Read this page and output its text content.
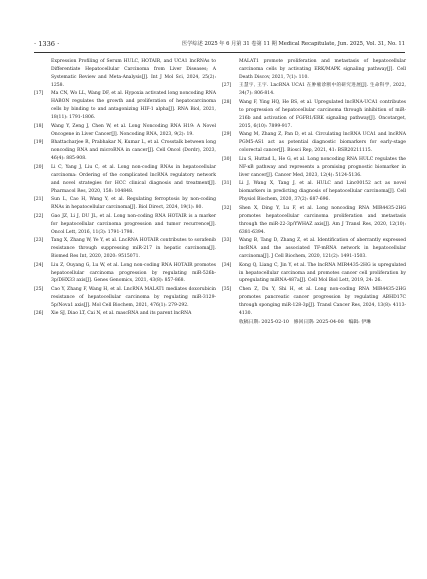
· 1336 ·	医学综述 2025 年 6 月第 31 卷第 11 期 Medical Recapitulate, Jun. 2025, Vol. 31, No. 11
Expression Profiling of Serum HULC, HOTAIR, and UCA1 lncRNAs to Differentiate Hepatocellular Carcinoma from Liver Diseases; A Systematic Review and Meta-Analysis[J]. Int J Mol Sci, 2024, 25(2): 1258.
[17]	Ma CN, Wo LL, Wang DF, et al. Hypoxia activated long noncoding RNA HABON regulates the growth and proliferation of hepatocarcinoma cells by binding to and antagonizing HIF-1 alpha[J]. RNA Biol, 2021, 18(11): 1791-1806.
[18]	Wang Y, Zeng J, Chen W, et al. Long Noncoding RNA H19: A Novel Oncogene in Liver Cancer[J]. Noncoding RNA, 2023, 9(2): 19.
[19]	Bhattacharjee R, Prabhakar N, Kumar L, et al. Crosstalk between long noncoding RNA and microRNA in cancer[J]. Cell Oncol (Dordr), 2023, 46(4): 885-908.
[20]	Li C, Yang J, Liu C, et al. Long non-coding RNAs in hepatocellular carcinoma: Ordering of the complicated lncRNA regulatory network and novel strategies for HCC clinical diagnosis and treatment[J]. Pharmacol Res, 2020, 158: 104848.
[21]	Sun L, Cao H, Wang Y, et al. Regulating ferroptosis by non-coding RNAs in hepatocellular carcinoma[J]. Biol Direct, 2024, 19(1): 80.
[22]	Gao JZ, Li J, DU JL, et al. Long non-coding RNA HOTAIR is a marker for hepatocellular carcinoma progression and tumor recurrence[J]. Oncol Lett, 2016, 11(3): 1791-1798.
[23]	Tang X, Zhang W, Ye Y, et al. LncRNA HOTAIR contributes to sorafenib resistance through suppressing miR-217 in hepatic carcinoma[J]. Biomed Res Int, 2020, 2020: 9515071.
[24]	Liu Z, Ouyang G, Lu W, et al. Long non-coding RNA HOTAIR promotes hepatocellular carcinoma progression by regulating miR-526b-3p/DHX33 axis[J]. Genes Genomics, 2021, 43(8): 857-868.
[25]	Cao Y, Zhang F, Wang H, et al. LncRNA MALAT1 mediates doxorubicin resistance of hepatocellular carcinoma by regulating miR-3129-5p/Nova1 axis[J]. Mol Cell Biochem, 2021, 476(1): 279-292.
[26]	Xie SJ, Diao LT, Cai N, et al. mascRNA and its parent lncRNA
MALAT1 promote proliferation and metastasis of hepatocellular carcinoma cells by activating ERK/MAPK signaling pathway[J]. Cell Death Discov, 2021, 7(1): 110.
[27]	王慧宇, 王宇. LncRNA UCA1 在肿瘤诊断中的研究进展[J]. 生命科学, 2022, 34(7): 806-814.
[28]	Wang F, Ying HQ, He BS, et al. Upregulated lncRNA-UCA1 contributes to progression of hepatocellular carcinoma through inhibition of miR-216b and activation of FGFR1/ERK signaling pathway[J]. Oncotarget, 2015, 6(10): 7899-917.
[29]	Wang M, Zhang Z, Pan D, et al. Circulating lncRNA UCA1 and lncRNA PGM5-AS1 act as potential diagnostic biomarkers for early-stage colorectal cancer[J]. Biosci Rep, 2021, 41: BSR20211115.
[30]	Liu S, Huttad L, He G, et al. Long noncoding RNA HULC regulates the NF-κB pathway and represents a promising prognostic biomarker in liver cancer[J]. Cancer Med, 2023, 12(4): 5124-5136.
[31]	Li J, Wang X, Tang J, et al. HULC and Linc00152 act as novel biomarkers in predicting diagnosis of hepatocellular carcinoma[J]. Cell Physiol Biochem, 2020, 37(2): 687-696.
[32]	Shen X, Ding Y, Lu F, et al. Long noncoding RNA MIR4435-2HG promotes hepatocellular carcinoma proliferation and metastasis through the miR-22-3p/YWHAZ axis[J]. Am J Transl Res, 2020, 12(10): 6381-6394.
[33]	Wang B, Tang D, Zhang Z, et al. Identification of aberrantly expressed lncRNA and the associated TF-mRNA network in hepatocellular carcinoma[J]. J Cell Biochem, 2020, 121(2): 1491-1503.
[34]	Kong Q, Liang C, Jin Y, et al. The lncRNA MIR4435-2HG is upregulated in hepatocellular carcinoma and promotes cancer cell proliferation by upregulating miRNA-487a[J]. Cell Mol Biol Lett, 2019, 24: 26.
[35]	Chen Z, Du Y, Shi H, et al. Long non-coding RNA MIR4435-2HG promotes pancreatic cancer progression by regulating ABHD17C through sponging miR-128-3p[J]. Transl Cancer Res, 2024, 13(8): 4113-4130.
收稿日期: 2025-02-10　修回日期: 2025-04-08　编辑: 伊琳
